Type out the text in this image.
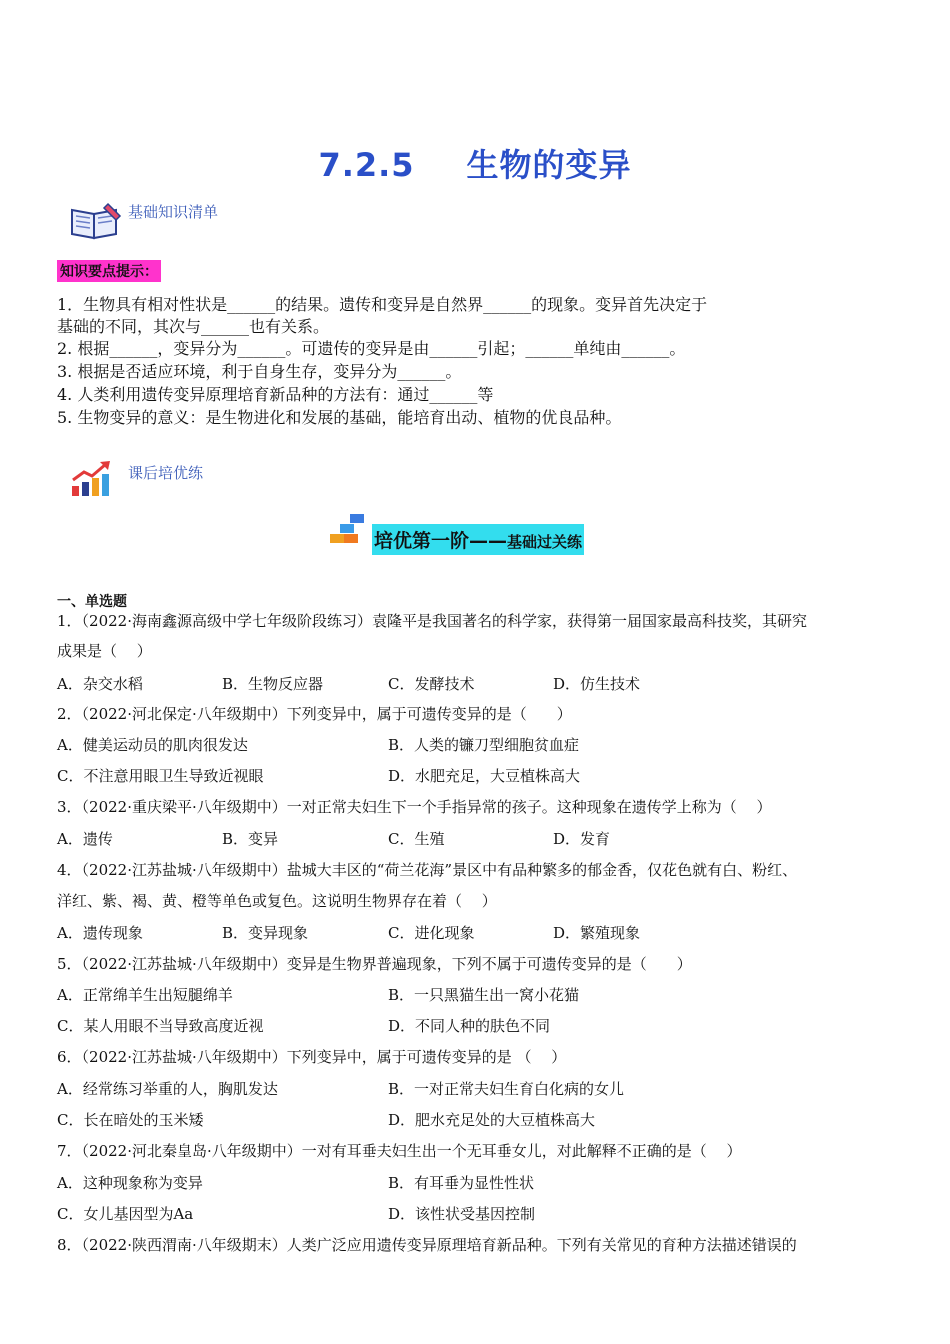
7.2.5 生物的变异
基础知识清单
知识要点提示：
1．生物具有相对性状是______的结果。遗传和变异是自然界______的现象。变异首先决定于
基础的不同，其次与______也有关系。
2. 根据______，变异分为______。可遗传的变异是由______引起；______单纯由______。
3. 根据是否适应环境，利于自身生存，变异分为______。
4. 人类利用遗传变异原理培育新品种的方法有：通过______等
5. 生物变异的意义：是生物进化和发展的基础，能培育出动、植物的优良品种。
课后培优练
培优第一阶——基础过关练
一、单选题
1．（2022·海南鑫源高级中学七年级阶段练习）袁隆平是我国著名的科学家，获得第一届国家最高科技奖，其研究
成果是（　 ）
A．杂交水稻	B．生物反应器	C．发酵技术	D．仿生技术
2．（2022·河北保定·八年级期中）下列变异中，属于可遗传变异的是（　　）
A．健美运动员的肌肉很发达	B．人类的镰刀型细胞贫血症
C．不注意用眼卫生导致近视眼	D．水肥充足，大豆植株高大
3．（2022·重庆梁平·八年级期中）一对正常夫妇生下一个手指异常的孩子。这种现象在遗传学上称为（　 ）
A．遗传	B．变异	C．生殖	D．发育
4．（2022·江苏盐城·八年级期中）盐城大丰区的“荷兰花海”景区中有品种繁多的郁金香，仅花色就有白、粉红、
洋红、紫、褐、黄、橙等单色或复色。这说明生物界存在着（　 ）
A．遗传现象	B．变异现象	C．进化现象	D．繁殖现象
5．（2022·江苏盐城·八年级期中）变异是生物界普遍现象，下列不属于可遗传变异的是（　　）
A．正常绵羊生出短腿绵羊	B．一只黑猫生出一窝小花猫
C．某人用眼不当导致高度近视	D．不同人种的肤色不同
6．（2022·江苏盐城·八年级期中）下列变异中，属于可遗传变异的是 （　 ）
A．经常练习举重的人，胸肌发达	B．一对正常夫妇生育白化病的女儿
C．长在暗处的玉米矮	D．肥水充足处的大豆植株高大
7．（2022·河北秦皇岛·八年级期中）一对有耳垂夫妇生出一个无耳垂女儿，对此解释不正确的是（　 ）
A．这种现象称为变异	B．有耳垂为显性性状
C．女儿基因型为Aa	D．该性状受基因控制
8．（2022·陕西渭南·八年级期末）人类广泛应用遗传变异原理培育新品种。下列有关常见的育种方法描述错误的
